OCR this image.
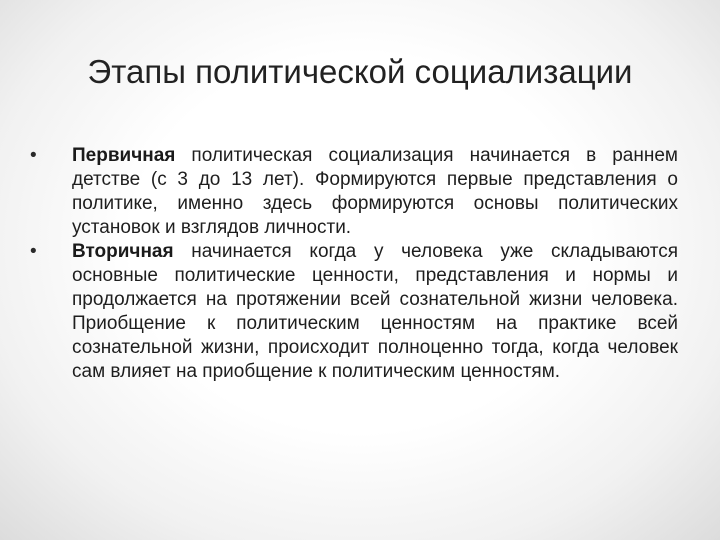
Этапы политической социализации
•	Первичная политическая социализация начинается в раннем детстве (с 3 до 13 лет). Формируются первые представления о политике, именно здесь формируются основы политических установок и взглядов личности.
•	Вторичная начинается когда у человека уже складываются основные политические ценности, представления и нормы и продолжается на протяжении всей сознательной жизни человека. Приобщение к политическим ценностям на практике всей сознательной жизни, происходит полноценно тогда, когда человек сам влияет на приобщение к политическим ценностям.
